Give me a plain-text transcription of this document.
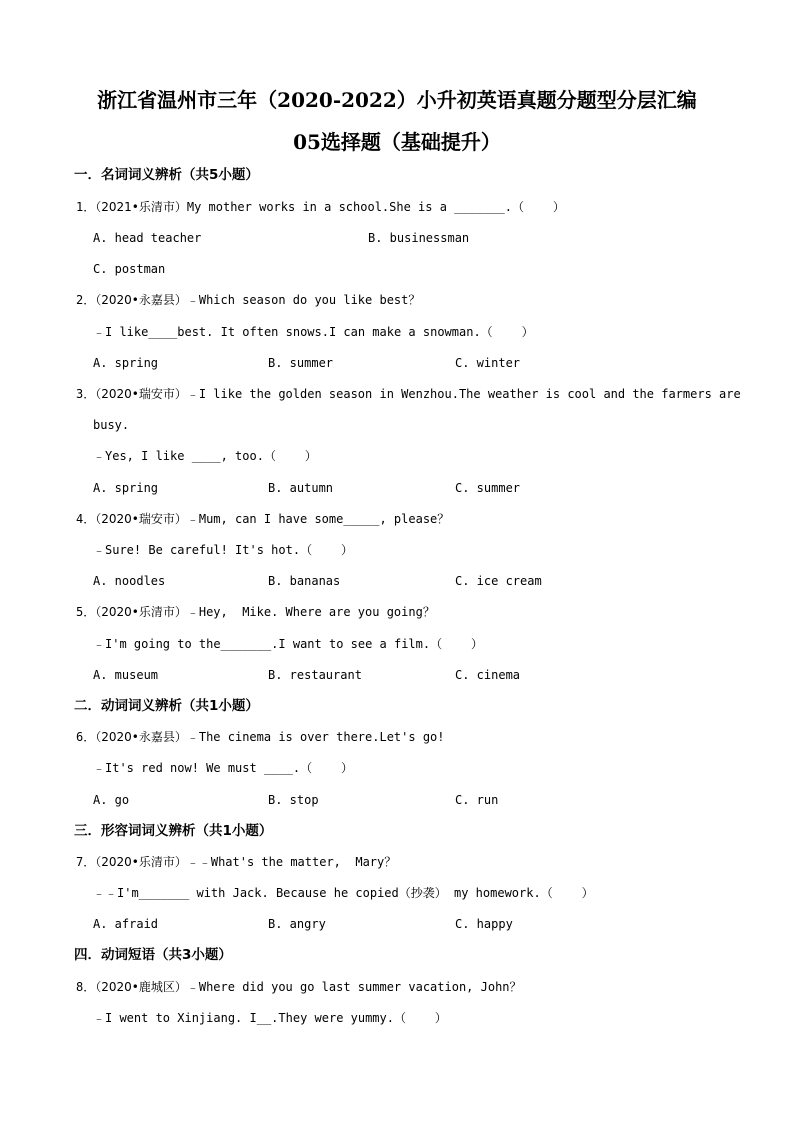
浙江省温州市三年（2020-2022）小升初英语真题分题型分层汇编
05选择题（基础提升）
一．名词词义辨析（共5小题）
1．（2021•乐清市）My mother works in a school.She is a _______.（    ）
A. head teacher	B. businessman
C. postman
2．（2020•永嘉县）﹣Which season do you like best？
﹣I like____best. It often snows.I can make a snowman.（    ）
A. spring	B. summer	C. winter
3．（2020•瑞安市）﹣I like the golden season in Wenzhou.The weather is cool and the farmers are
busy.
﹣Yes, I like ____, too.（    ）
A. spring	B. autumn	C. summer
4．（2020•瑞安市）﹣Mum, can I have some_____, please？
﹣Sure! Be careful! It's hot.（    ）
A. noodles	B. bananas	C. ice cream
5．（2020•乐清市）﹣Hey,  Mike. Where are you going？
﹣I'm going to the_______.I want to see a film.（    ）
A. museum	B. restaurant	C. cinema
二．动词词义辨析（共1小题）
6．（2020•永嘉县）﹣The cinema is over there.Let's go!
﹣It's red now! We must ____.（    ）
A. go	B. stop	C. run
三．形容词词义辨析（共1小题）
7．（2020•乐清市）﹣﹣What's the matter,  Mary？
﹣﹣I'm_______ with Jack. Because he copied（抄袭） my homework.（    ）
A. afraid	B. angry	C. happy
四．动词短语（共3小题）
8．（2020•鹿城区）﹣Where did you go last summer vacation, John？
﹣I went to Xinjiang. I__.They were yummy.（    ）
